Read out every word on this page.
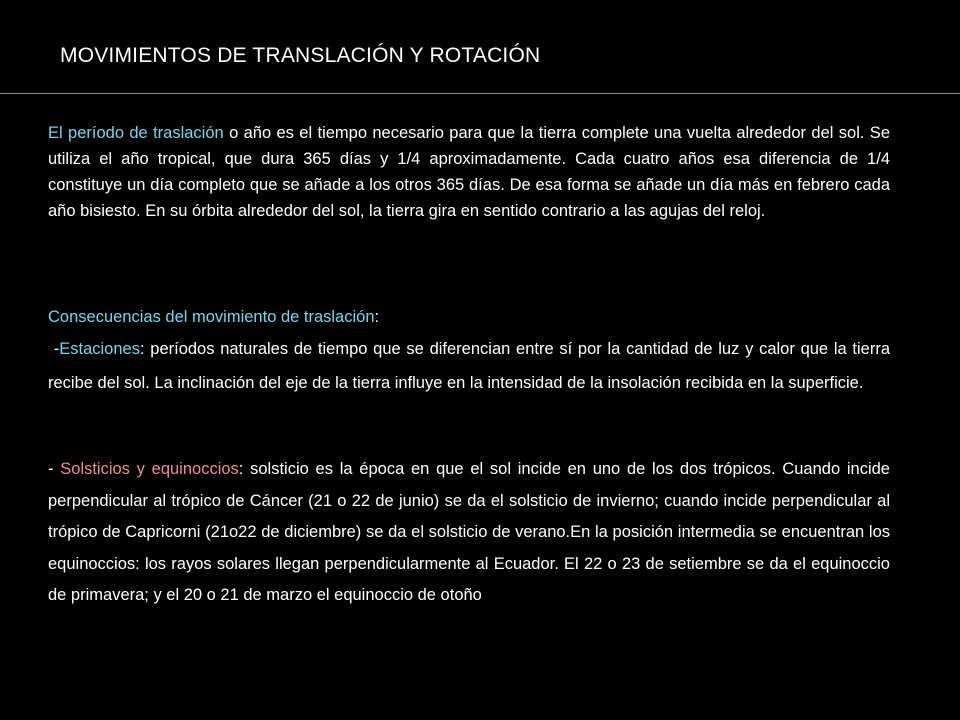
MOVIMIENTOS DE TRANSLACIÓN Y ROTACIÓN
El período de traslación o año es el tiempo necesario para que la tierra complete una vuelta alrededor del sol. Se utiliza el año tropical, que dura 365 días y 1/4 aproximadamente. Cada cuatro años esa diferencia de 1/4 constituye un día completo que se añade a los otros 365 días. De esa forma se añade un día más en febrero cada año bisiesto. En su órbita alrededor del sol, la tierra gira en sentido contrario a las agujas del reloj.
Consecuencias del movimiento de traslación:
-Estaciones: períodos naturales de tiempo que se diferencian entre sí por la cantidad de luz y calor que la tierra recibe del sol. La inclinación del eje de la tierra influye en la intensidad de la insolación recibida en la superficie.
- Solsticios y equinoccios: solsticio es la época en que el sol incide en uno de los dos trópicos. Cuando incide perpendicular al trópico de Cáncer (21 o 22 de junio) se da el solsticio de invierno; cuando incide perpendicular al trópico de Capricorni (21o22 de diciembre) se da el solsticio de verano.En la posición intermedia se encuentran los equinoccios: los rayos solares llegan perpendicularmente al Ecuador. El 22 o 23 de setiembre se da el equinoccio de primavera; y el 20 o 21 de marzo el equinoccio de otoño
